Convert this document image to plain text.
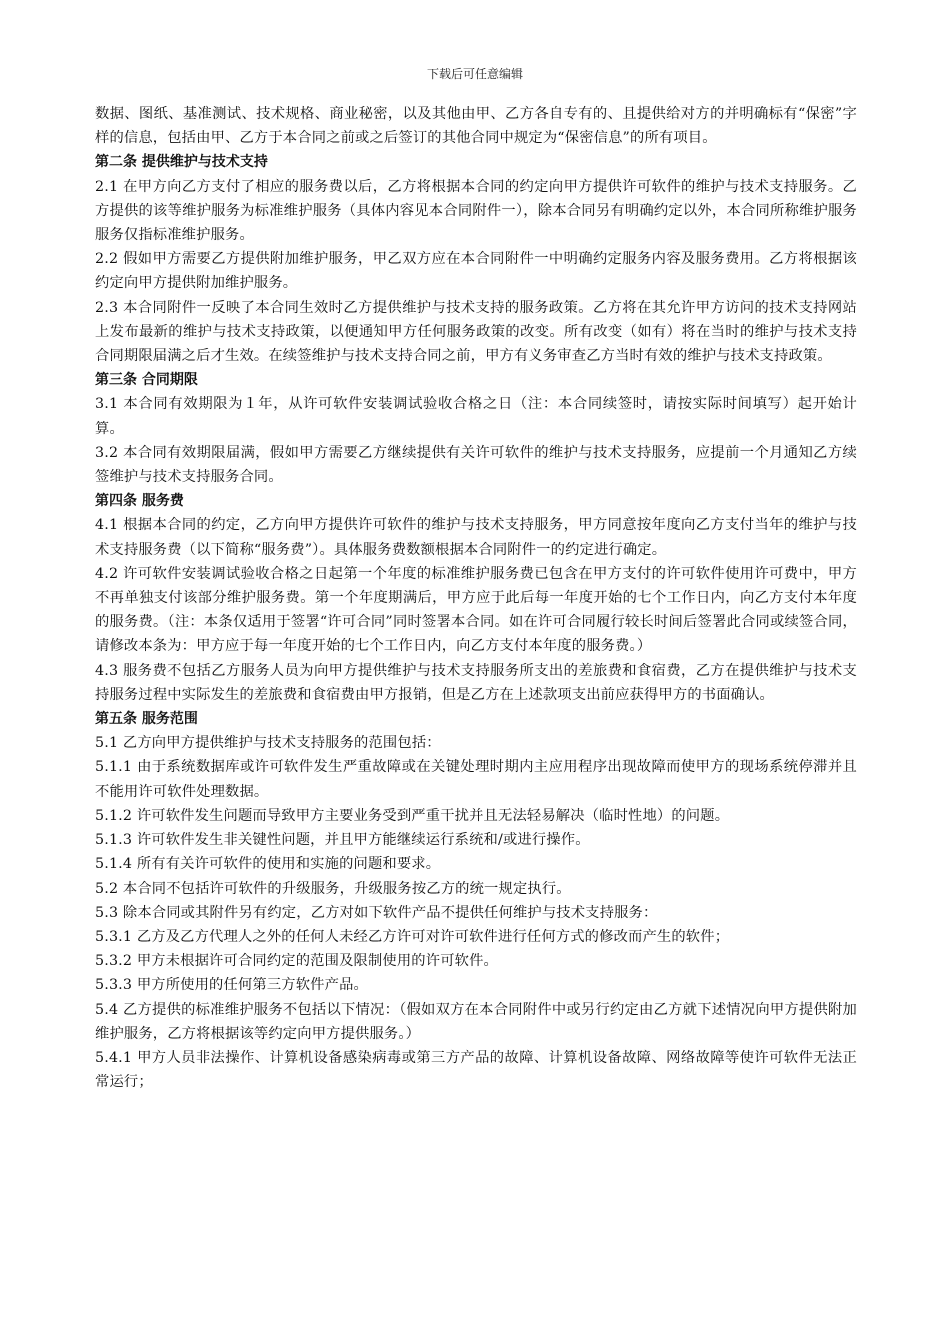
下载后可任意编辑

数据、图纸、基准测试、技术规格、商业秘密，以及其他由甲、乙方各自专有的、且提供给对方的并明确标有“保密”字样的信息，包括由甲、乙方于本合同之前或之后签订的其他合同中规定为“保密信息”的所有项目。

第二条 提供维护与技术支持

2.1 在甲方向乙方支付了相应的服务费以后，乙方将根据本合同的约定向甲方提供许可软件的维护与技术支持服务。乙方提供的该等维护服务为标准维护服务（具体内容见本合同附件一），除本合同另有明确约定以外，本合同所称维护服务服务仅指标准维护服务。

2.2 假如甲方需要乙方提供附加维护服务，甲乙双方应在本合同附件一中明确约定服务内容及服务费用。乙方将根据该约定向甲方提供附加维护服务。

2.3 本合同附件一反映了本合同生效时乙方提供维护与技术支持的服务政策。乙方将在其允许甲方访问的技术支持网站上发布最新的维护与技术支持政策，以便通知甲方任何服务政策的改变。所有改变（如有）将在当时的维护与技术支持合同期限届满之后才生效。在续签维护与技术支持合同之前，甲方有义务审查乙方当时有效的维护与技术支持政策。

第三条 合同期限

3.1 本合同有效期限为１年，从许可软件安装调试验收合格之日（注：本合同续签时，请按实际时间填写）起开始计算。

3.2 本合同有效期限届满，假如甲方需要乙方继续提供有关许可软件的维护与技术支持服务，应提前一个月通知乙方续签维护与技术支持服务合同。

第四条 服务费

4.1 根据本合同的约定，乙方向甲方提供许可软件的维护与技术支持服务，甲方同意按年度向乙方支付当年的维护与技术支持服务费（以下简称“服务费”）。具体服务费数额根据本合同附件一的约定进行确定。

4.2 许可软件安装调试验收合格之日起第一个年度的标准维护服务费已包含在甲方支付的许可软件使用许可费中，甲方不再单独支付该部分维护服务费。第一个年度期满后，甲方应于此后每一年度开始的七个工作日内，向乙方支付本年度的服务费。（注：本条仅适用于签署“许可合同”同时签署本合同。如在许可合同履行较长时间后签署此合同或续签合同，请修改本条为：甲方应于每一年度开始的七个工作日内，向乙方支付本年度的服务费。）

4.3 服务费不包括乙方服务人员为向甲方提供维护与技术支持服务所支出的差旅费和食宿费，乙方在提供维护与技术支持服务过程中实际发生的差旅费和食宿费由甲方报销，但是乙方在上述款项支出前应获得甲方的书面确认。

第五条 服务范围

5.1 乙方向甲方提供维护与技术支持服务的范围包括：

5.1.1 由于系统数据库或许可软件发生严重故障或在关键处理时期内主应用程序出现故障而使甲方的现场系统停滞并且不能用许可软件处理数据。

5.1.2 许可软件发生问题而导致甲方主要业务受到严重干扰并且无法轻易解决（临时性地）的问题。

5.1.3 许可软件发生非关键性问题，并且甲方能继续运行系统和/或进行操作。

5.1.4 所有有关许可软件的使用和实施的问题和要求。

5.2 本合同不包括许可软件的升级服务，升级服务按乙方的统一规定执行。

5.3 除本合同或其附件另有约定，乙方对如下软件产品不提供任何维护与技术支持服务：

5.3.1 乙方及乙方代理人之外的任何人未经乙方许可对许可软件进行任何方式的修改而产生的软件；

5.3.2 甲方未根据许可合同约定的范围及限制使用的许可软件。

5.3.3 甲方所使用的任何第三方软件产品。

5.4 乙方提供的标准维护服务不包括以下情况：（假如双方在本合同附件中或另行约定由乙方就下述情况向甲方提供附加维护服务，乙方将根据该等约定向甲方提供服务。）

5.4.1 甲方人员非法操作、计算机设备感染病毒或第三方产品的故障、计算机设备故障、网络故障等使许可软件无法正常运行；
